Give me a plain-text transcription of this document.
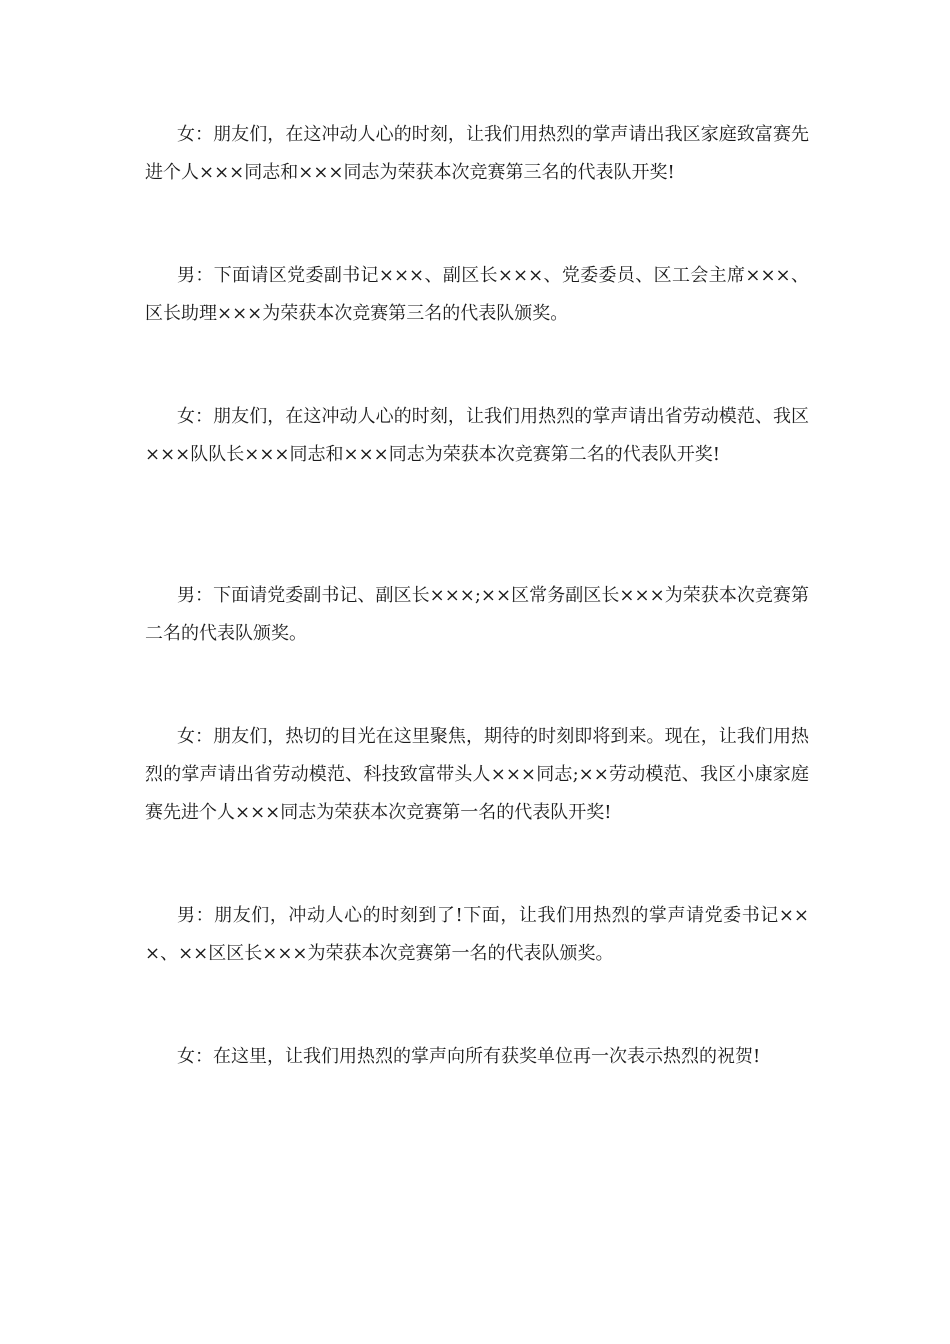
女：朋友们，在这冲动人心的时刻，让我们用热烈的掌声请出我区家庭致富赛先进个人×××同志和×××同志为荣获本次竞赛第三名的代表队开奖!

男：下面请区党委副书记×××、副区长×××、党委委员、区工会主席×××、区长助理×××为荣获本次竞赛第三名的代表队颁奖。

女：朋友们，在这冲动人心的时刻，让我们用热烈的掌声请出省劳动模范、我区×××队队长×××同志和×××同志为荣获本次竞赛第二名的代表队开奖!

男：下面请党委副书记、副区长×××;××区常务副区长×××为荣获本次竞赛第二名的代表队颁奖。

女：朋友们，热切的目光在这里聚焦，期待的时刻即将到来。现在，让我们用热烈的掌声请出省劳动模范、科技致富带头人×××同志;××劳动模范、我区小康家庭赛先进个人×××同志为荣获本次竞赛第一名的代表队开奖!

男：朋友们，冲动人心的时刻到了!下面，让我们用热烈的掌声请党委书记×××、××区区长×××为荣获本次竞赛第一名的代表队颁奖。

女：在这里，让我们用热烈的掌声向所有获奖单位再一次表示热烈的祝贺!
